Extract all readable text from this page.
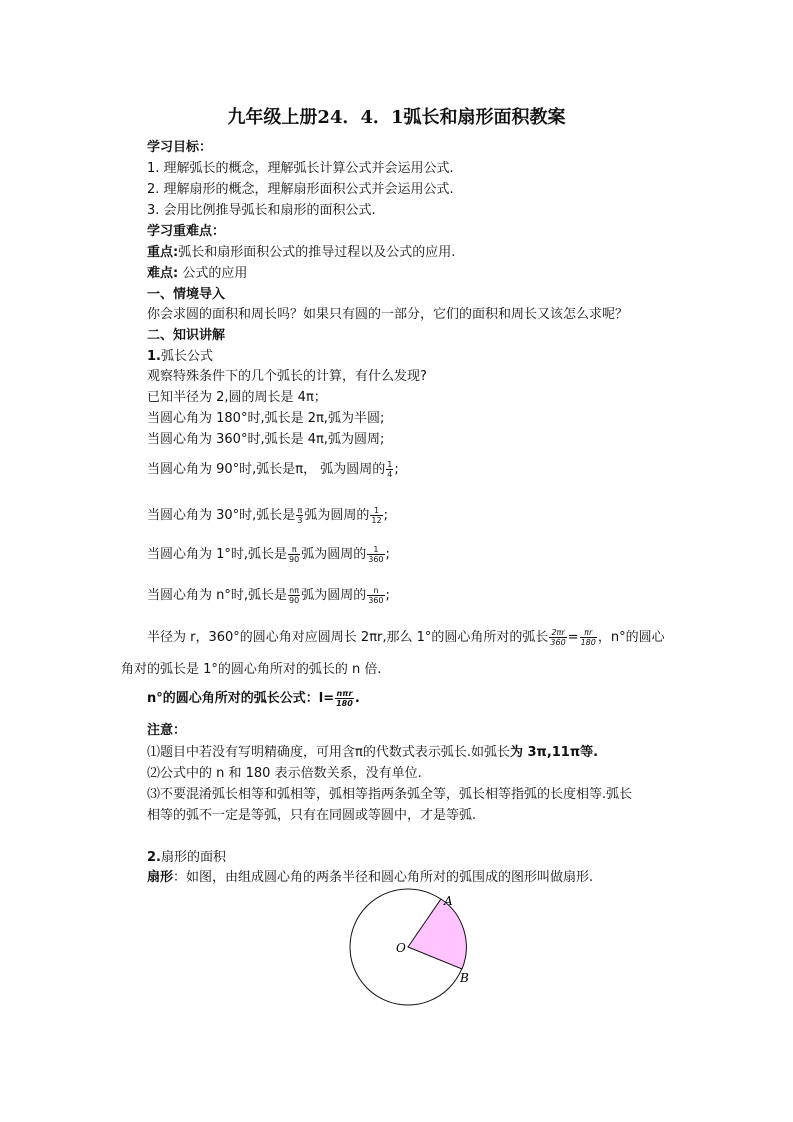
九年级上册24．4．1弧长和扇形面积教案
学习目标：
1. 理解弧长的概念，理解弧长计算公式并会运用公式.
2. 理解扇形的概念，理解扇形面积公式并会运用公式.
3. 会用比例推导弧长和扇形的面积公式.
学习重难点：
重点:弧长和扇形面积公式的推导过程以及公式的应用.
难点: 公式的应用
一、情境导入
你会求圆的面积和周长吗？如果只有圆的一部分，它们的面积和周长又该怎么求呢？
二、知识讲解
1.弧长公式
观察特殊条件下的几个弧长的计算，有什么发现?
已知半径为 2,圆的周长是 4π；
当圆心角为 180°时,弧长是 2π,弧为半圆;
当圆心角为 360°时,弧长是 4π,弧为圆周;
当圆心角为 90°时,弧长是π， 弧为圆周的 $\frac{1}{4}$ ;
当圆心角为 30°时,弧长是 $\frac{\pi}{3}$ 弧为圆周的 $\frac{1}{12}$ ;
当圆心角为 1°时,弧长是 $\frac{\pi}{90}$ 弧为圆周的 $\frac{1}{360}$ ;
当圆心角为 n°时,弧长是 $\frac{n\pi}{90}$ 弧为圆周的 $\frac{n}{360}$ ;
半径为 r，360°的圆心角对应圆周长 2πr,那么 1°的圆心角所对的弧长 $\frac{2\pi r}{360} = \frac{\pi r}{180}$ ，n°的圆心
角对的弧长是 1°的圆心角所对的弧长的 n 倍.
n°的圆心角所对的弧长公式：l= nπr
180 .
注意：
⑴题目中若没有写明精确度，可用含π的代数式表示弧长.如弧长为 3π,11π等.
⑵公式中的 n 和 180 表示倍数关系，没有单位.
⑶不要混淆弧长相等和弧相等，弧相等指两条弧全等，弧长相等指弧的长度相等.弧长
相等的弧不一定是等弧，只有在同圆或等圆中，才是等弧.
2.扇形的面积
扇形：如图，由组成圆心角的两条半径和圆心角所对的弧围成的图形叫做扇形.
O
A
B
